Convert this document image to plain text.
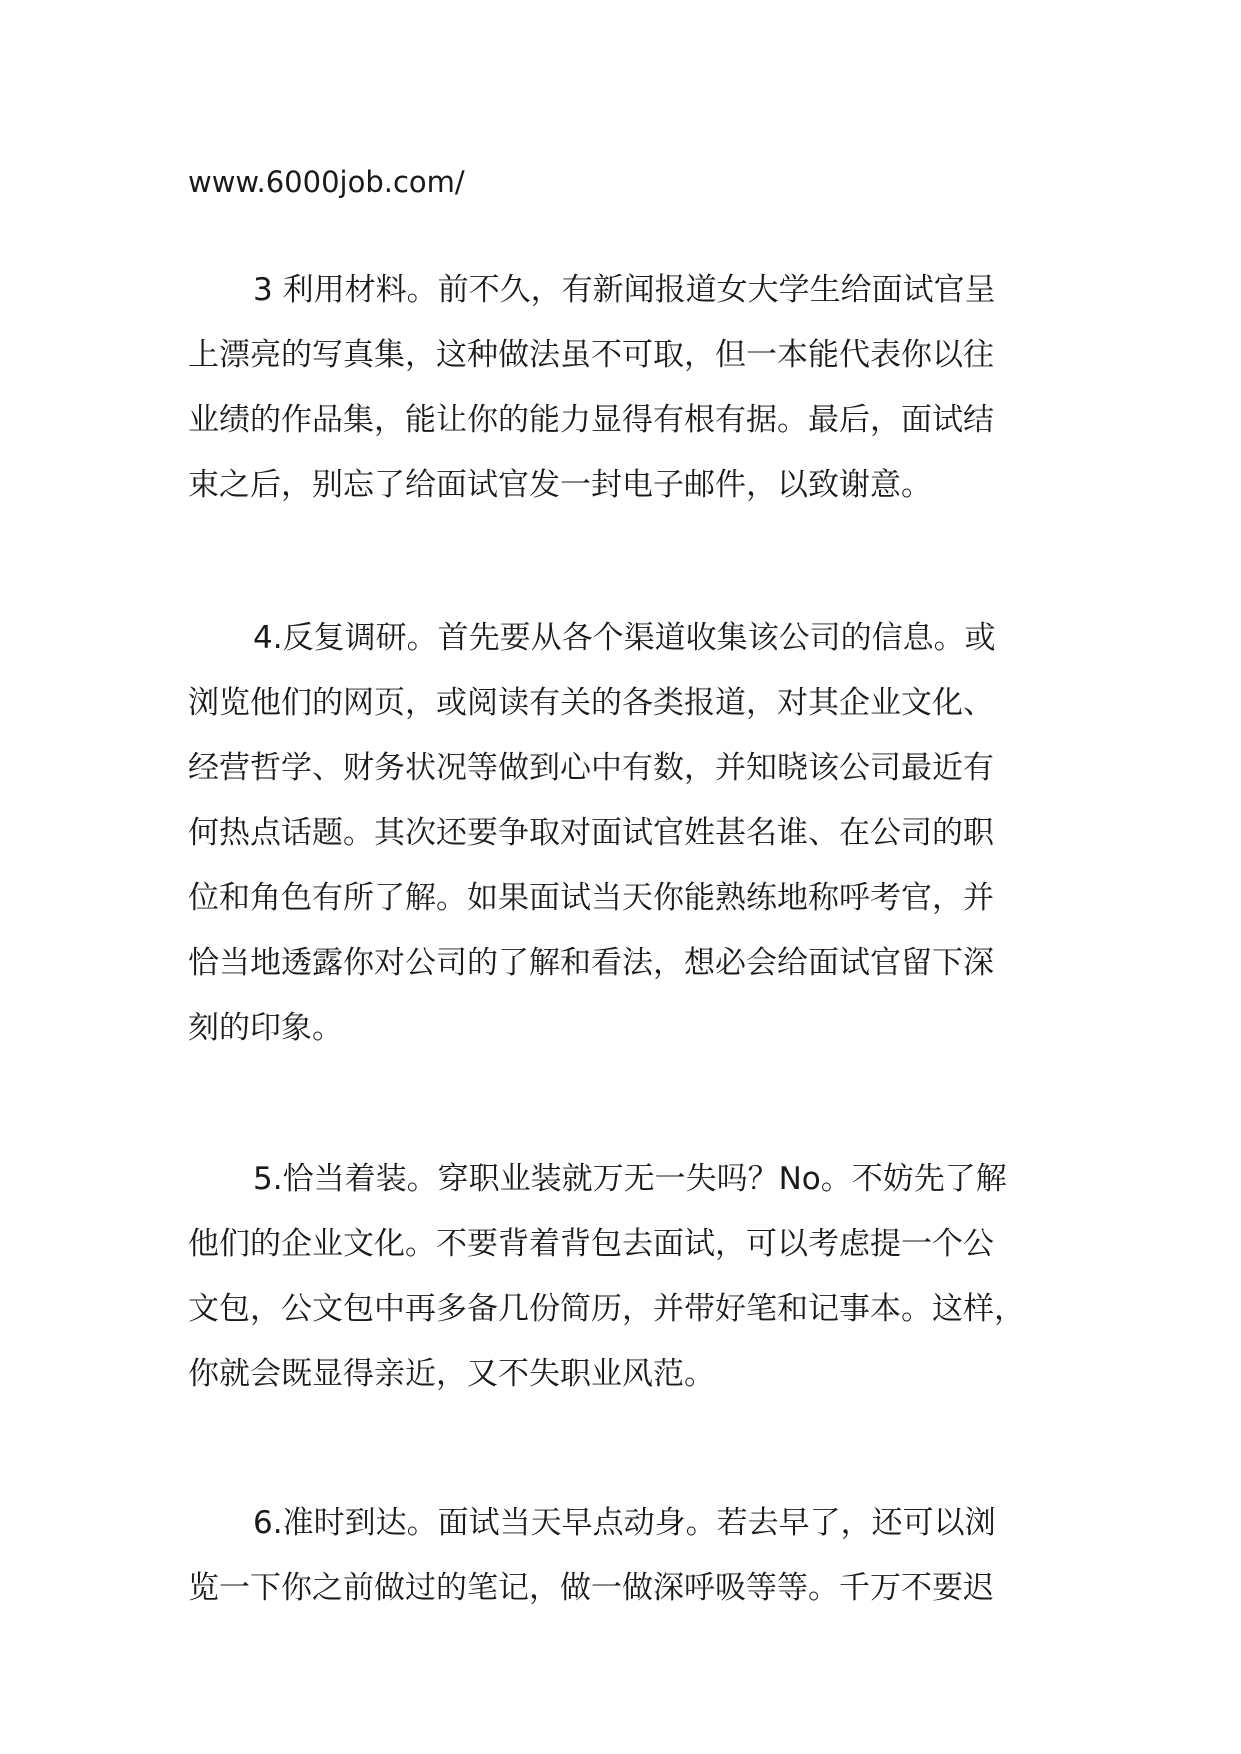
www.6000job.com/
3 利用材料。前不久，有新闻报道女大学生给面试官呈
上漂亮的写真集，这种做法虽不可取，但一本能代表你以往
业绩的作品集，能让你的能力显得有根有据。最后，面试结
束之后，别忘了给面试官发一封电子邮件，以致谢意。
4.反复调研。首先要从各个渠道收集该公司的信息。或
浏览他们的网页，或阅读有关的各类报道，对其企业文化、
经营哲学、财务状况等做到心中有数，并知晓该公司最近有
何热点话题。其次还要争取对面试官姓甚名谁、在公司的职
位和角色有所了解。如果面试当天你能熟练地称呼考官，并
恰当地透露你对公司的了解和看法，想必会给面试官留下深
刻的印象。
5.恰当着装。穿职业装就万无一失吗？No。不妨先了解
他们的企业文化。不要背着背包去面试，可以考虑提一个公
文包，公文包中再多备几份简历，并带好笔和记事本。这样，
你就会既显得亲近，又不失职业风范。
6.准时到达。面试当天早点动身。若去早了，还可以浏
览一下你之前做过的笔记，做一做深呼吸等等。千万不要迟
